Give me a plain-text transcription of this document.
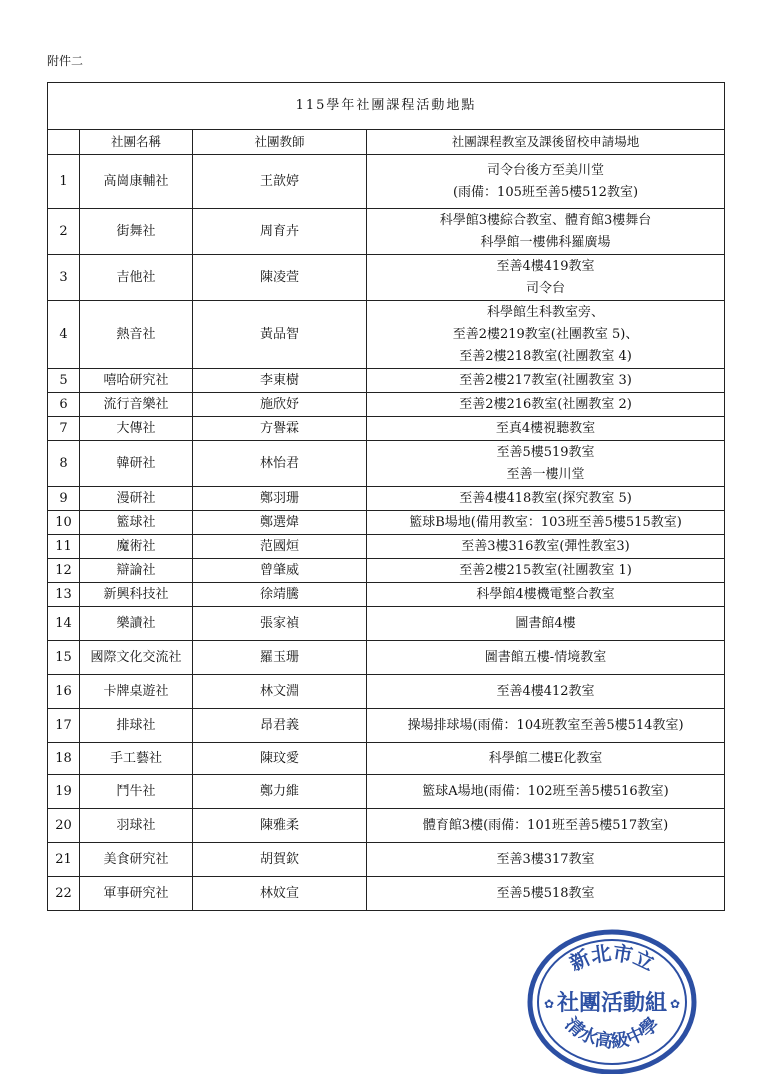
附件二
115學年社團課程活動地點			
	社團名稱	社團教師	社團課程教室及課後留校申請場地
1	高崗康輔社	王歆婷	司令台後方至美川堂
(雨備：105班至善5樓512教室)

2	街舞社	周育卉	科學館3樓綜合教室、體育館3樓舞台
科學館一樓佛科羅廣場

3	吉他社	陳凌萱	至善4樓419教室
司令台

4	熱音社	黃品智	科學館生科教室旁、
至善2樓219教室(社團教室 5)、
至善2樓218教室(社團教室 4)

5	嘻哈研究社	李東樹	至善2樓217教室(社團教室 3)

6	流行音樂社	施欣妤	至善2樓216教室(社團教室 2)

7	大傳社	方譽霖	至真4樓視聽教室

8	韓研社	林怡君	至善5樓519教室
至善一樓川堂

9	漫研社	鄭羽珊	至善4樓418教室(探究教室 5)

10	籃球社	鄭選煒	籃球B場地(備用教室：103班至善5樓515教室)

11	魔術社	范國烜	至善3樓316教室(彈性教室3)

12	辯論社	曾肇威	至善2樓215教室(社團教室 1)

13	新興科技社	徐靖騰	科學館4樓機電整合教室

14	樂讀社	張家禎	圖書館4樓

15	國際文化交流社	羅玉珊	圖書館五樓-情境教室

16	卡牌桌遊社	林文淵	至善4樓412教室

17	排球社	昂君義	操場排球場(雨備：104班教室至善5樓514教室)

18	手工藝社	陳玟愛	科學館二樓E化教室

19	鬥牛社	鄭力維	籃球A場地(雨備：102班至善5樓516教室)

20	羽球社	陳雅柔	體育館3樓(雨備：101班至善5樓517教室)

21	美食研究社	胡賀欽	至善3樓317教室

22	軍事研究社	林妏宣	至善5樓518教室
新北市立
社團活動組
清水高級中學
✿	✿
